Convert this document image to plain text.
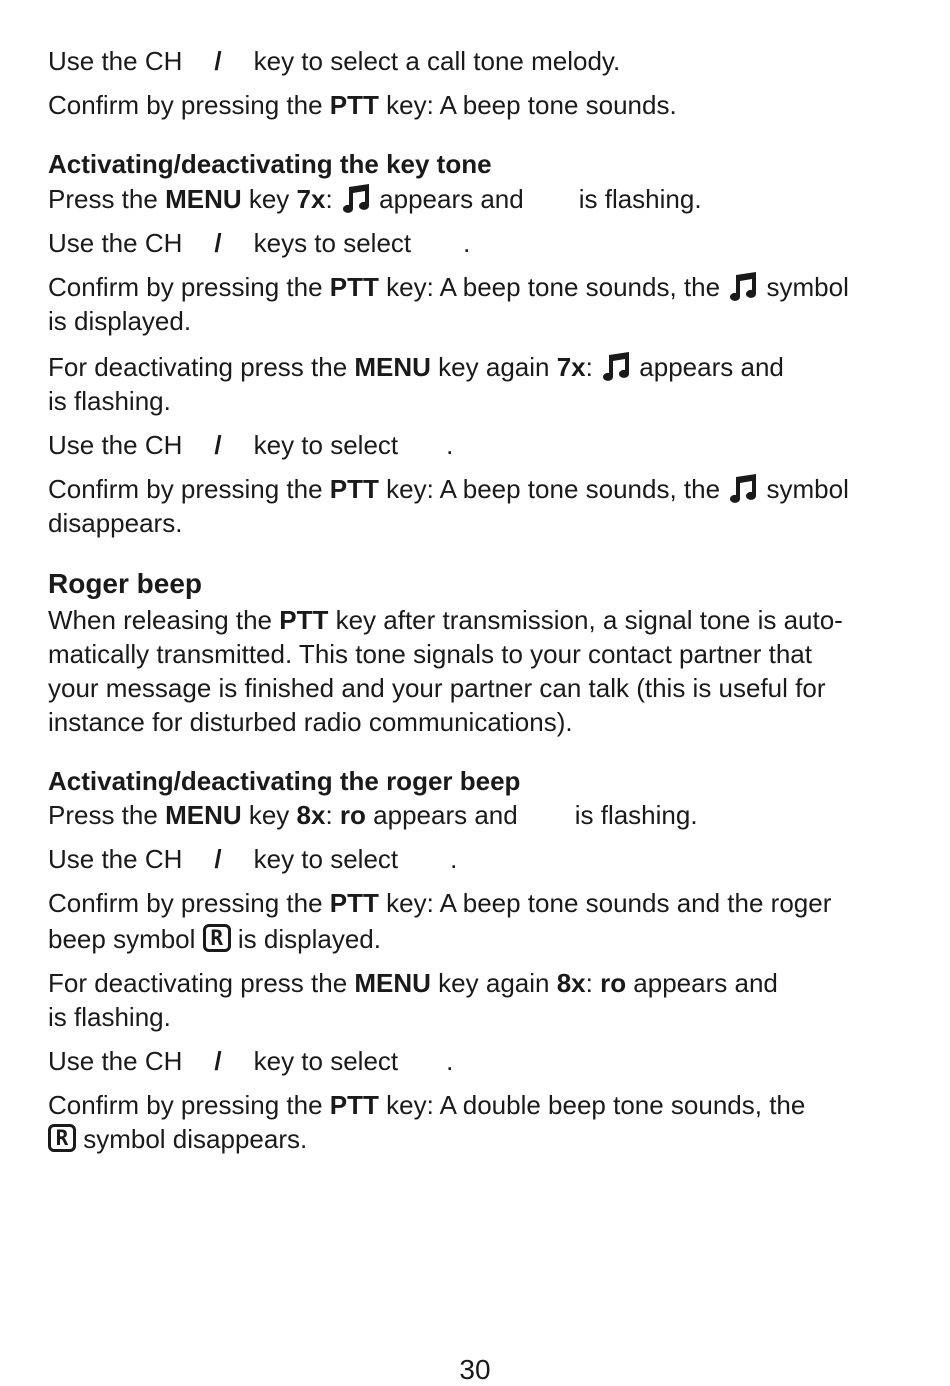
Use the CH / key to select a call tone melody.
Confirm by pressing the PTT key: A beep tone sounds.
Activating/deactivating the key tone
Press the MENU key 7x:  appears and is flashing.
Use the CH / keys to select .
Confirm by pressing the PTT key: A beep tone sounds, the  symbol
is displayed.
For deactivating press the MENU key again 7x:  appears and
is flashing.
Use the CH / key to select .
Confirm by pressing the PTT key: A beep tone sounds, the  symbol
disappears.
Roger beep
When releasing the PTT key after transmission, a signal tone is auto-
matically transmitted. This tone signals to your contact partner that
your message is finished and your partner can talk (this is useful for
instance for disturbed radio communications).
Activating/deactivating the roger beep
Press the MENU key 8x: ro appears and is flashing.
Use the CH / key to select .
Confirm by pressing the PTT key: A beep tone sounds and the roger
beep symbol R is displayed.
For deactivating press the MENU key again 8x: ro appears and
is flashing.
Use the CH / key to select .
Confirm by pressing the PTT key: A double beep tone sounds, the
R symbol disappears.
30
